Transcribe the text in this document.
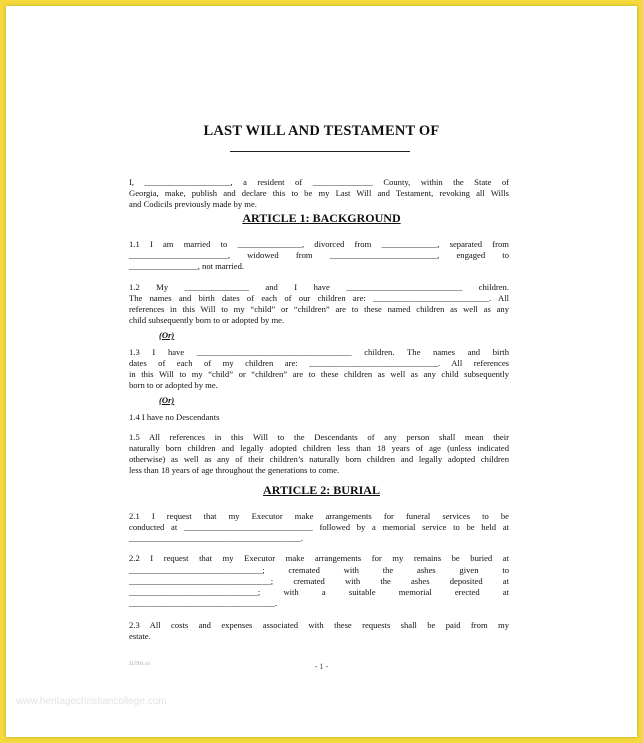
LAST WILL AND TESTAMENT OF
I, ____________________, a resident of ______________ County, within the State of
Georgia, make, publish and declare this to be my Last Will and Testament, revoking all Wills
and Codicils previously made by me.
ARTICLE 1: BACKGROUND
1.1 I am married to _______________, divorced from _____________, separated from
_______________________, widowed from _________________________, engaged to
________________, not married.
1.2 My _______________ and I have ___________________________ children.
The names and birth dates of each of our children are: ___________________________. All
references in this Will to my “child” or “children” are to these named children as well as any
child subsequently born to or adopted by me.
(Or)
1.3 I have ____________________________________ children. The names and birth
dates of each of my children are: ______________________________. All references
in this Will to my “child” or “children” are to these children as well as any child subsequently
born to or adopted by me.
(Or)
1.4 I have no Descendants
1.5 All references in this Will to the Descendants of any person shall mean their
naturally born children and legally adopted children less than 18 years of age (unless indicated
otherwise) as well as any of their children’s naturally born children and legally adopted children
less than 18 years of age throughout the generations to come.
ARTICLE 2: BURIAL
2.1 I request that my Executor make arrangements for funeral services to be
conducted at ______________________________ followed by a memorial service to be held at
________________________________________.
2.2 I request that my Executor make arrangements for my remains be buried at
_______________________________; cremated with the ashes given to
_________________________________; cremated with the ashes deposited at
______________________________; with a suitable memorial erected at
__________________________________.
2.3 All costs and expenses associated with these requests shall be paid from my
estate.
217931.v1	- 1 -
www.heritagechristiancollege.com
